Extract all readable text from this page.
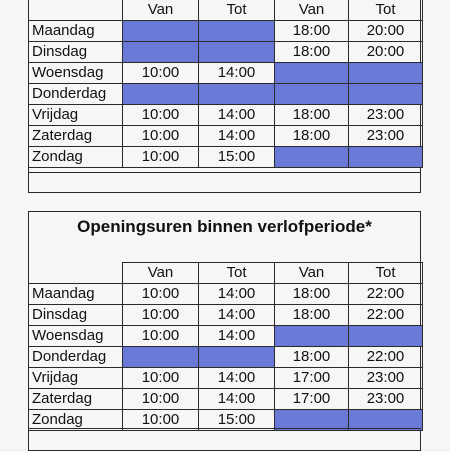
	Van	Tot	Van	Tot
Maandag			18:00	20:00
Dinsdag			18:00	20:00
Woensdag	10:00	14:00		
Donderdag				
Vrijdag	10:00	14:00	18:00	23:00
Zaterdag	10:00	14:00	18:00	23:00
Zondag	10:00	15:00		
Openingsuren binnen verlofperiode*
	Van	Tot	Van	Tot
Maandag	10:00	14:00	18:00	22:00
Dinsdag	10:00	14:00	18:00	22:00
Woensdag	10:00	14:00		
Donderdag			18:00	22:00
Vrijdag	10:00	14:00	17:00	23:00
Zaterdag	10:00	14:00	17:00	23:00
Zondag	10:00	15:00		
